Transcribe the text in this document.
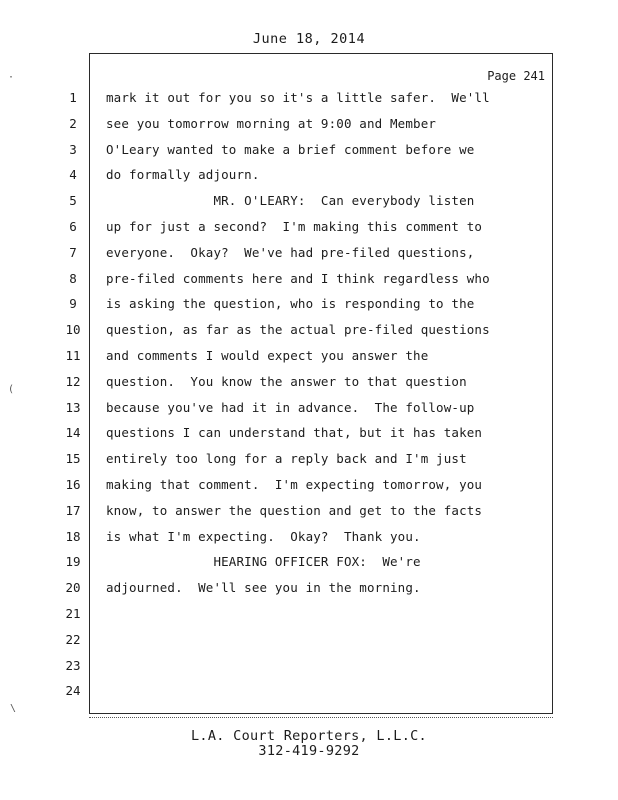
June 18, 2014
Page 241
1	mark it out for you so it's a little safer.  We'll
2	see you tomorrow morning at 9:00 and Member
3	O'Leary wanted to make a brief comment before we
4	do formally adjourn.
5	MR. O'LEARY:  Can everybody listen
6	up for just a second?  I'm making this comment to
7	everyone.  Okay?  We've had pre-filed questions,
8	pre-filed comments here and I think regardless who
9	is asking the question, who is responding to the
10 question, as far as the actual pre-filed questions
11 and comments I would expect you answer the
12 question.  You know the answer to that question
13 because you've had it in advance.  The follow-up
14 questions I can understand that, but it has taken
15 entirely too long for a reply back and I'm just
16 making that comment.  I'm expecting tomorrow, you
17 know, to answer the question and get to the facts
18 is what I'm expecting.  Okay?  Thank you.
19 HEARING OFFICER FOX:  We're
20 adjourned.  We'll see you in the morning.
21
22
23
24
L.A. Court Reporters, L.L.C.
312-419-9292
·
(
\
